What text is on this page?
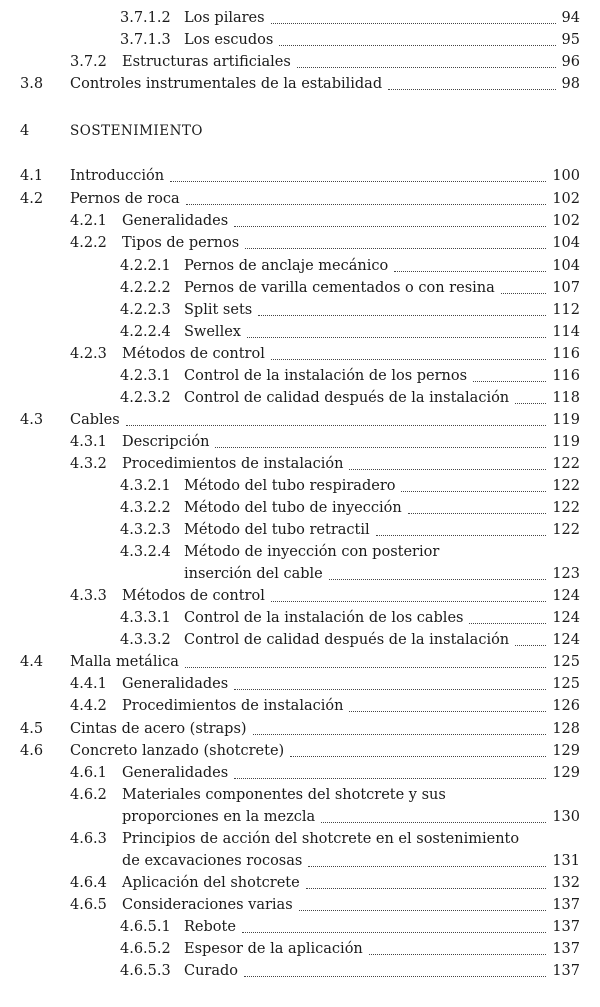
3.7.1.2 Los pilares	94
3.7.1.3 Los escudos	95
3.7.2 Estructuras artificiales	96
3.8 Controles instrumentales de la estabilidad	98
4	SOSTENIMIENTO
4.1 Introducción	100
4.2 Pernos de roca	102
4.2.1 Generalidades	102
4.2.2 Tipos de pernos	104
4.2.2.1 Pernos de anclaje mecánico	104
4.2.2.2 Pernos de varilla cementados o con resina	107
4.2.2.3 Split sets	112
4.2.2.4 Swellex	114
4.2.3 Métodos de control	116
4.2.3.1 Control de la instalación de los pernos	116
4.2.3.2 Control de calidad después de la instalación	118
4.3 Cables	119
4.3.1 Descripción	119
4.3.2 Procedimientos de instalación	122
4.3.2.1 Método del tubo respiradero	122
4.3.2.2 Método del tubo de inyección	122
4.3.2.3 Método del tubo retractil	122
4.3.2.4 Método de inyección con posterior
inserción del cable	123
4.3.3 Métodos de control	124
4.3.3.1 Control de la instalación de los cables	124
4.3.3.2 Control de calidad después de la instalación	124
4.4 Malla metálica	125
4.4.1 Generalidades	125
4.4.2 Procedimientos de instalación	126
4.5 Cintas de acero (straps)	128
4.6 Concreto lanzado (shotcrete)	129
4.6.1 Generalidades	129
4.6.2 Materiales componentes del shotcrete y sus
proporciones en la mezcla	130
4.6.3 Principios de acción del shotcrete en el sostenimiento
de excavaciones rocosas	131
4.6.4 Aplicación del shotcrete	132
4.6.5 Consideraciones varias	137
4.6.5.1 Rebote	137
4.6.5.2 Espesor de la aplicación	137
4.6.5.3 Curado	137
